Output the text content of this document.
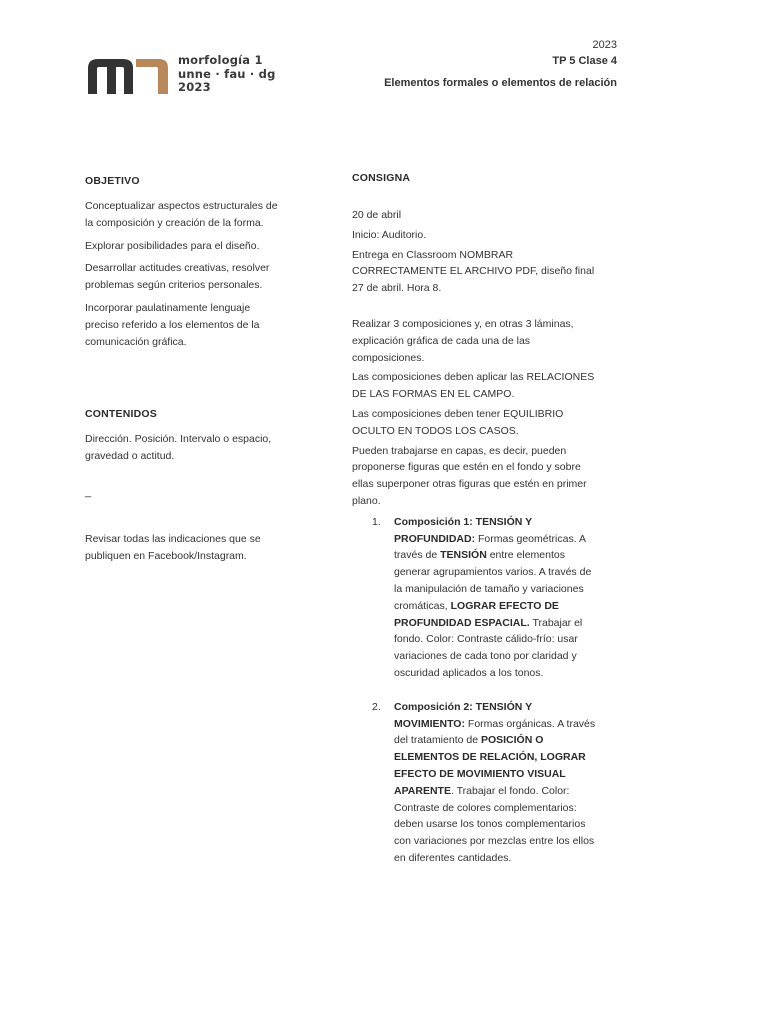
morfología 1
unne · fau · dg
2023
2023
TP 5 Clase 4
Elementos formales o elementos de relación
OBJETIVO

Conceptualizar aspectos estructurales de la composición y creación de la forma.

Explorar posibilidades para el diseño.

Desarrollar actitudes creativas, resolver problemas según criterios personales.

Incorporar paulatinamente lenguaje preciso referido a los elementos de la comunicación gráfica.

CONTENIDOS

Dirección. Posición. Intervalo o espacio, gravedad o actitud.

_

Revisar todas las indicaciones que se publiquen en Facebook/Instagram.

CONSIGNA

20 de abril

Inicio: Auditorio.

Entrega en Classroom NOMBRAR CORRECTAMENTE EL ARCHIVO PDF, diseño final 27 de abril. Hora 8.

Realizar 3 composiciones y, en otras 3 láminas, explicación gráfica de cada una de las composiciones.

Las composiciones deben aplicar las RELACIONES DE LAS FORMAS EN EL CAMPO.

Las composiciones deben tener EQUILIBRIO OCULTO EN TODOS LOS CASOS.

Pueden trabajarse en capas, es decir, pueden proponerse figuras que estén en el fondo y sobre ellas superponer otras figuras que estén en primer plano.

1. Composición 1: TENSIÓN Y PROFUNDIDAD: Formas geométricas. A través de TENSIÓN entre elementos generar agrupamientos varios. A través de la manipulación de tamaño y variaciones cromáticas, LOGRAR EFECTO DE PROFUNDIDAD ESPACIAL. Trabajar el fondo. Color: Contraste cálido-frío: usar variaciones de cada tono por claridad y oscuridad aplicados a los tonos.
2. Composición 2: TENSIÓN Y MOVIMIENTO: Formas orgánicas. A través del tratamiento de POSICIÓN O ELEMENTOS DE RELACIÓN, LOGRAR EFECTO DE MOVIMIENTO VISUAL APARENTE. Trabajar el fondo. Color: Contraste de colores complementarios: deben usarse los tonos complementarios con variaciones por mezclas entre los ellos en diferentes cantidades.
